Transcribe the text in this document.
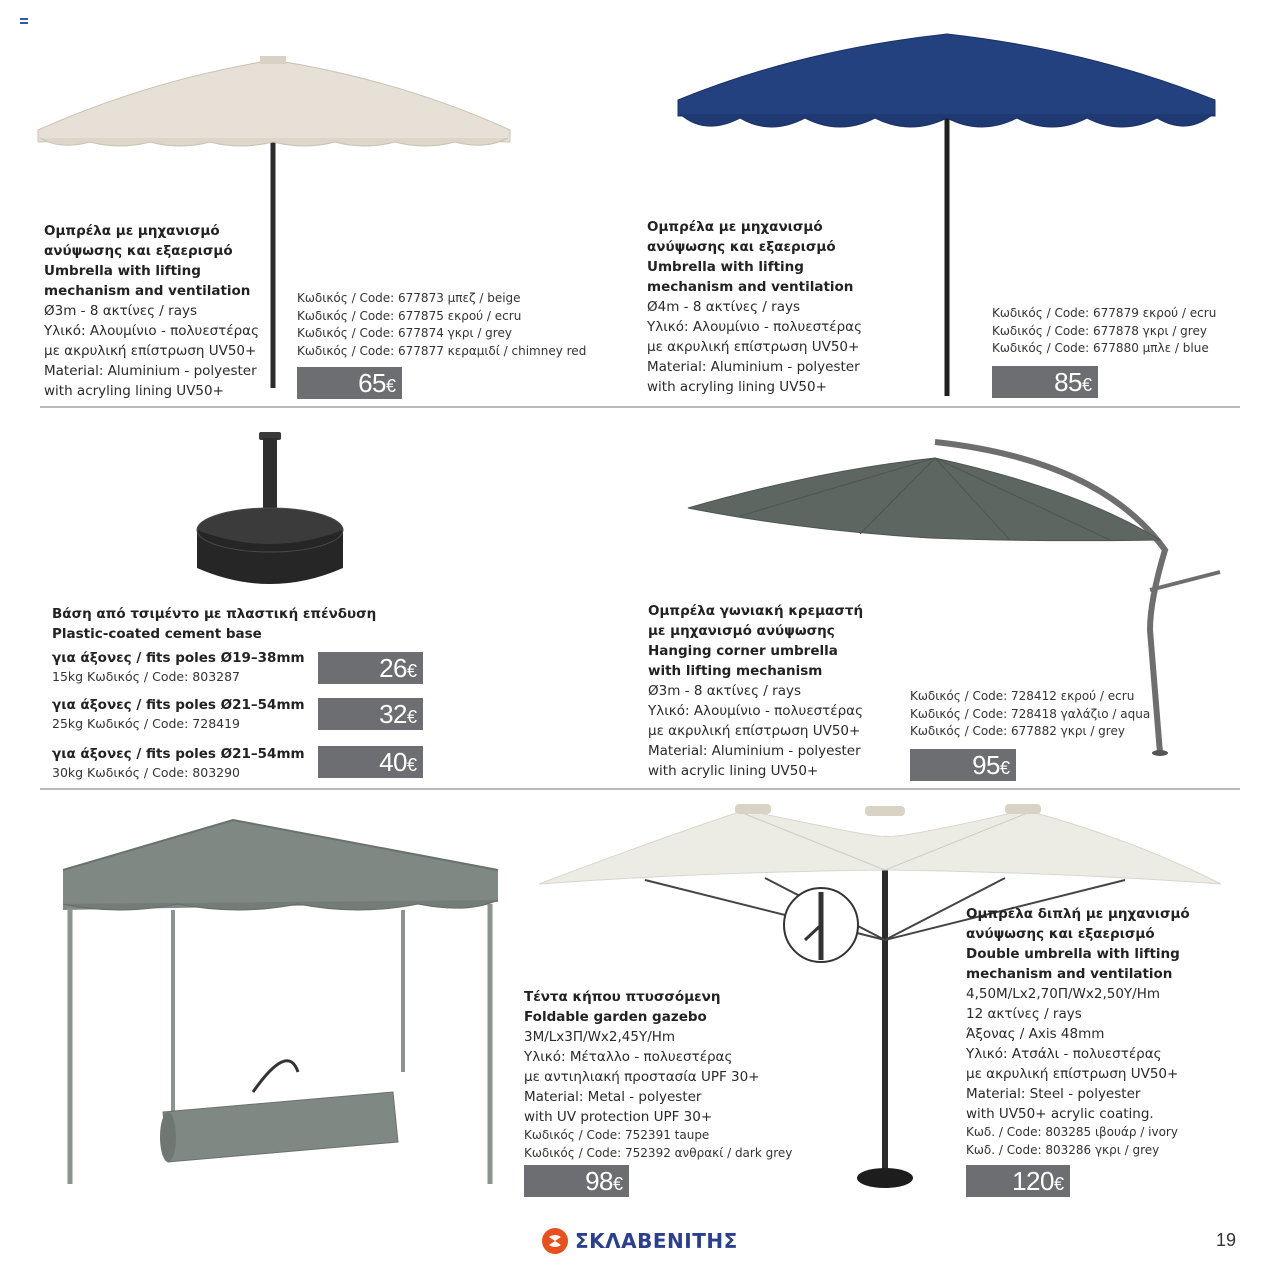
Ομπρέλα με μηχανισμό
ανύψωσης και εξαερισμό
Umbrella with lifting
mechanism and ventilation
Ø3m - 8 ακτίνες / rays
Υλικό: Αλουμίνιο - πολυεστέρας
με ακρυλική επίστρωση UV50+
Material: Aluminium - polyester
with acryling lining UV50+
Κωδικός / Code: 677873 μπεζ / beige
Κωδικός / Code: 677875 εκρού / ecru
Κωδικός / Code: 677874 γκρι / grey
Κωδικός / Code: 677877 κεραμιδί / chimney red
65€
Ομπρέλα με μηχανισμό
ανύψωσης και εξαερισμό
Umbrella with lifting
mechanism and ventilation
Ø4m - 8 ακτίνες / rays
Υλικό: Αλουμίνιο - πολυεστέρας
με ακρυλική επίστρωση UV50+
Material: Aluminium - polyester
with acryling lining UV50+
Κωδικός / Code: 677879 εκρού / ecru
Κωδικός / Code: 677878 γκρι / grey
Κωδικός / Code: 677880 μπλε / blue
85€
Βάση από τσιμέντο με πλαστική επένδυση
Plastic-coated cement base
για άξονες / fits poles Ø19–38mm
15kg Κωδικός / Code: 803287	26€
για άξονες / fits poles Ø21–54mm
25kg Κωδικός / Code: 728419	32€
για άξονες / fits poles Ø21–54mm
30kg Κωδικός / Code: 803290	40€
Ομπρέλα γωνιακή κρεμαστή
με μηχανισμό ανύψωσης
Hanging corner umbrella
with lifting mechanism
Ø3m - 8 ακτίνες / rays
Υλικό: Αλουμίνιο - πολυεστέρας
με ακρυλική επίστρωση UV50+
Material: Aluminium - polyester
with acrylic lining UV50+
Κωδικός / Code: 728412 εκρού / ecru
Κωδικός / Code: 728418 γαλάζιο / aqua
Κωδικός / Code: 677882 γκρι / grey
95€
Τέντα κήπου πτυσσόμενη
Foldable garden gazebo
3Μ/Lx3Π/Wx2,45Y/Hm
Υλικό: Μέταλλο - πολυεστέρας
με αντιηλιακή προστασία UPF 30+
Material: Metal - polyester
with UV protection UPF 30+
Κωδικός / Code: 752391 taupe
Κωδικός / Code: 752392 ανθρακί / dark grey
98€
Ομπρέλα διπλή με μηχανισμό
ανύψωσης και εξαερισμό
Double umbrella with lifting
mechanism and ventilation
4,50Μ/Lx2,70Π/Wx2,50Y/Hm
12 ακτίνες / rays
Άξονας / Axis 48mm
Υλικό: Ατσάλι - πολυεστέρας
με ακρυλική επίστρωση UV50+
Material: Steel - polyester
with UV50+ acrylic coating.
Κωδ. / Code: 803285 ιβουάρ / ivory
Κωδ. / Code: 803286 γκρι / grey
120€
ΣΚΛΑΒΕΝΙΤΗΣ	19
